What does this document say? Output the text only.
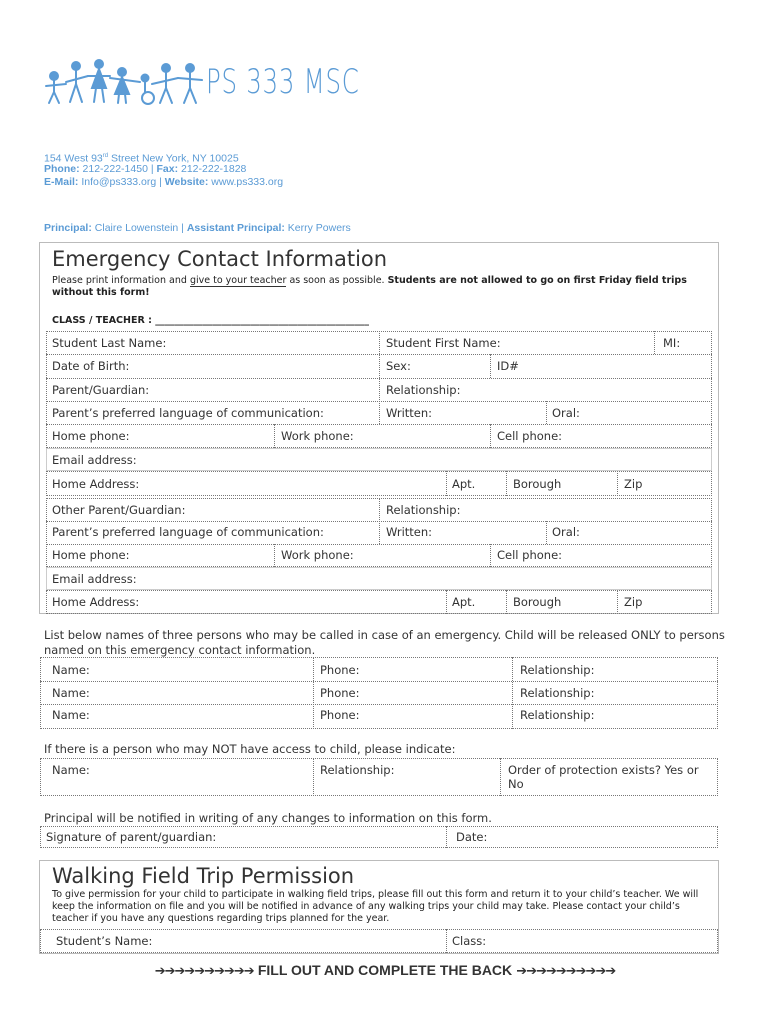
PS 333 MSC
154 West 93rd Street New York, NY 10025
Phone: 212-222-1450 | Fax: 212-222-1828
E-Mail: Info@ps333.org | Website: www.ps333.org
Principal: Claire Lowenstein | Assistant Principal: Kerry Powers
Emergency Contact Information
Please print information and give to your teacher as soon as possible. Students are not allowed to go on first Friday field trips without this form!
CLASS / TEACHER : _____________________________________________
Student Last Name:	Student First Name:	MI:
Date of Birth:	Sex:	ID#
Parent/Guardian:	Relationship:
Parent’s preferred language of communication:	Written:	Oral:
Home phone:	Work phone:	Cell phone:
Email address:
Home Address:	Apt.	Borough	Zip
Other Parent/Guardian:	Relationship:
Parent’s preferred language of communication:	Written:	Oral:
Home phone:	Work phone:	Cell phone:
Email address:
Home Address:	Apt.	Borough	Zip
List below names of three persons who may be called in case of an emergency. Child will be released ONLY to persons named on this emergency contact information.
Name:	Phone:	Relationship:
Name:	Phone:	Relationship:
Name:	Phone:	Relationship:
If there is a person who may NOT have access to child, please indicate:
Name:	Relationship:	Order of protection exists? Yes or No
Principal will be notified in writing of any changes to information on this form.
Signature of parent/guardian:	Date:
Walking Field Trip Permission
To give permission for your child to participate in walking field trips, please fill out this form and return it to your child’s teacher. We will keep the information on file and you will be notified in advance of any walking trips your child may take. Please contact your child’s teacher if you have any questions regarding trips planned for the year.
Student’s Name:	Class:
➔➔➔➔➔➔➔➔➔➔ FILL OUT AND COMPLETE THE BACK ➔➔➔➔➔➔➔➔➔➔
